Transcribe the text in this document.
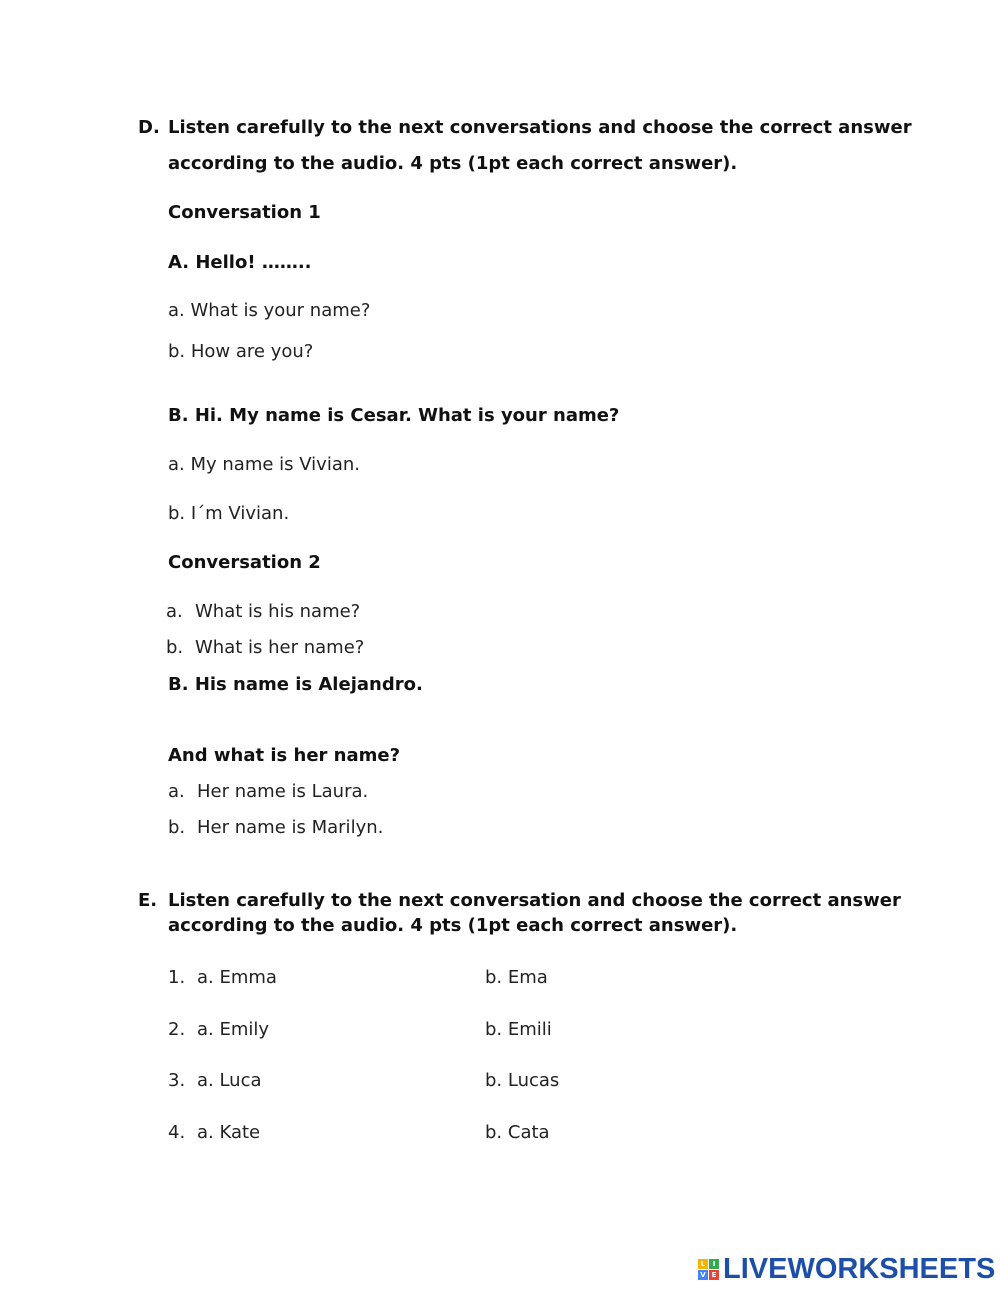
D. Listen carefully to the next conversations and choose the correct answer
according to the audio. 4 pts (1pt each correct answer).
Conversation 1
A. Hello! ……..
a. What is your name?
b. How are you?
B. Hi. My name is Cesar. What is your name?
a. My name is Vivian.
b. I´m Vivian.
Conversation 2
a. What is his name?
b. What is her name?
B. His name is Alejandro.
And what is her name?
a. Her name is Laura.
b. Her name is Marilyn.
E. Listen carefully to the next conversation and choose the correct answer
according to the audio. 4 pts (1pt each correct answer).
1. a. Emma	b. Ema
2. a. Emily	b. Emili
3. a. Luca	b. Lucas
4. a. Kate	b. Cata
L	I
V E LIVEWORKSHEETS
